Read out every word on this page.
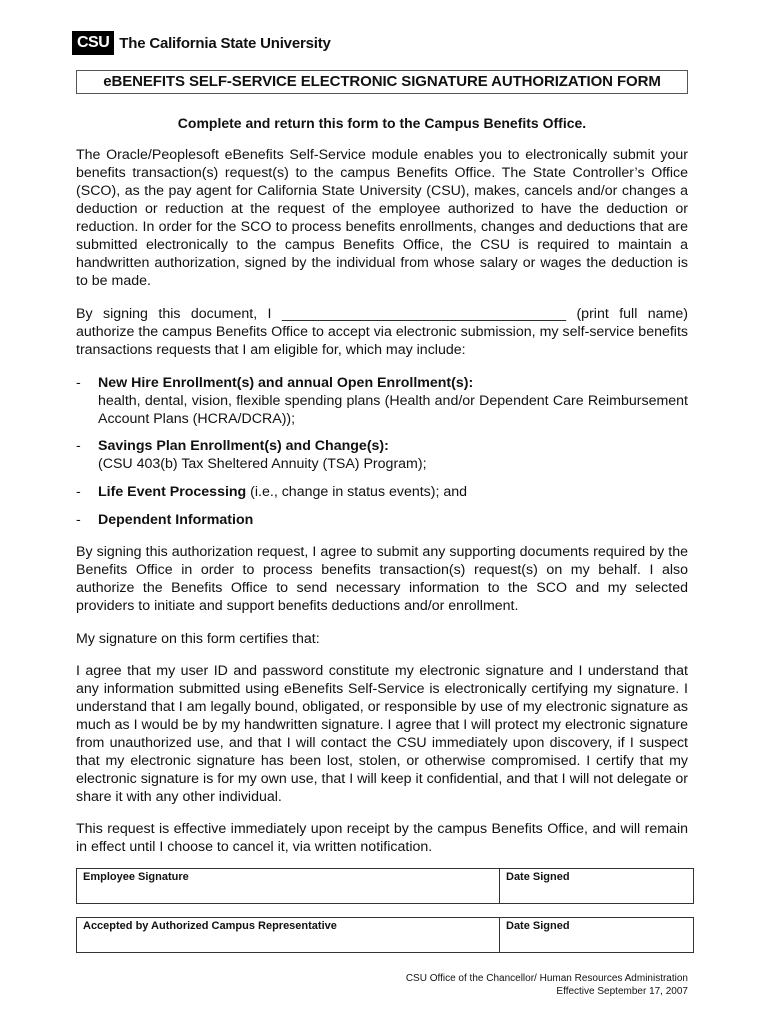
CSU The California State University
eBENEFITS SELF-SERVICE ELECTRONIC SIGNATURE AUTHORIZATION FORM
Complete and return this form to the Campus Benefits Office.
The Oracle/Peoplesoft eBenefits Self-Service module enables you to electronically submit your benefits transaction(s) request(s) to the campus Benefits Office. The State Controller’s Office (SCO), as the pay agent for California State University (CSU), makes, cancels and/or changes a deduction or reduction at the request of the employee authorized to have the deduction or reduction. In order for the SCO to process benefits enrollments, changes and deductions that are submitted electronically to the campus Benefits Office, the CSU is required to maintain a handwritten authorization, signed by the individual from whose salary or wages the deduction is to be made.
By signing this document, I ____________________________________ (print full name) authorize the campus Benefits Office to accept via electronic submission, my self-service benefits transactions requests that I am eligible for, which may include:
- New Hire Enrollment(s) and annual Open Enrollment(s):
health, dental, vision, flexible spending plans (Health and/or Dependent Care Reimbursement Account Plans (HCRA/DCRA));
- Savings Plan Enrollment(s) and Change(s):
(CSU 403(b) Tax Sheltered Annuity (TSA) Program);
- Life Event Processing (i.e., change in status events); and
- Dependent Information
By signing this authorization request, I agree to submit any supporting documents required by the Benefits Office in order to process benefits transaction(s) request(s) on my behalf. I also authorize the Benefits Office to send necessary information to the SCO and my selected providers to initiate and support benefits deductions and/or enrollment.
My signature on this form certifies that:
I agree that my user ID and password constitute my electronic signature and I understand that any information submitted using eBenefits Self-Service is electronically certifying my signature. I understand that I am legally bound, obligated, or responsible by use of my electronic signature as much as I would be by my handwritten signature. I agree that I will protect my electronic signature from unauthorized use, and that I will contact the CSU immediately upon discovery, if I suspect that my electronic signature has been lost, stolen, or otherwise compromised. I certify that my electronic signature is for my own use, that I will keep it confidential, and that I will not delegate or share it with any other individual.
This request is effective immediately upon receipt by the campus Benefits Office, and will remain in effect until I choose to cancel it, via written notification.
Employee Signature	Date Signed
Accepted by Authorized Campus Representative	Date Signed
CSU Office of the Chancellor/ Human Resources Administration
Effective September 17, 2007
